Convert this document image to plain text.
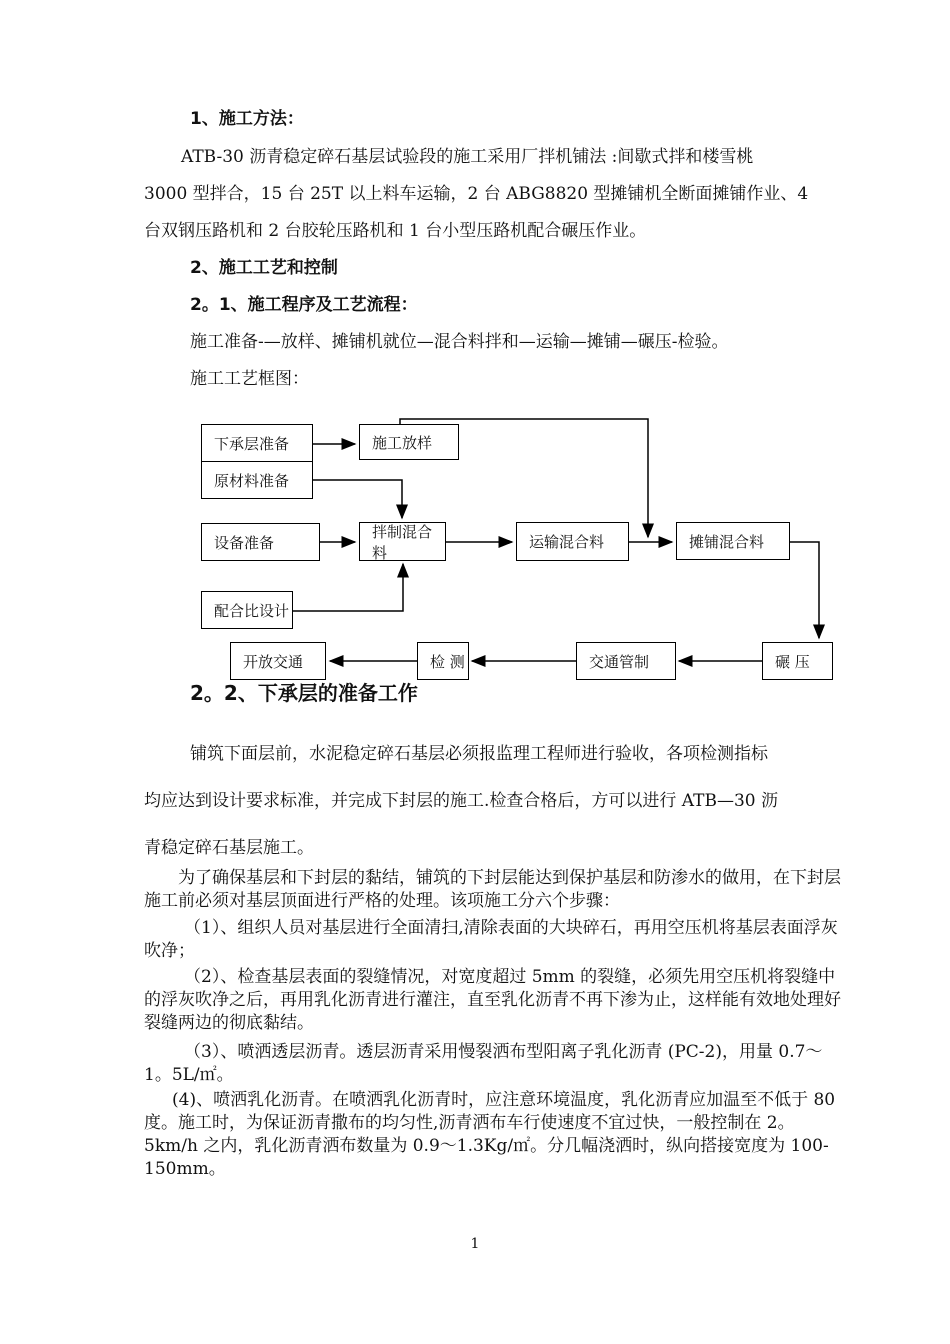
1、施工方法：
ATB-30 沥青稳定碎石基层试验段的施工采用厂拌机铺法 :间歇式拌和楼雪桃
3000 型拌合，15 台 25T 以上料车运输，2 台 ABG8820 型摊铺机全断面摊铺作业、4
台双钢压路机和 2 台胶轮压路机和 1 台小型压路机配合碾压作业。
2、施工工艺和控制
2。1、施工程序及工艺流程：
施工准备-—放样、摊铺机就位—混合料拌和—运输—摊铺—碾压-检验。
施工工艺框图：
下承层准备	施工放样
原材料准备
设备准备
拌制混合料
运输混合料	摊铺混合料
配合比设计
开放交通	检 测	交通管制	碾 压
2。2、下承层的准备工作
铺筑下面层前，水泥稳定碎石基层必须报监理工程师进行验收，各项检测指标
均应达到设计要求标准，并完成下封层的施工.检查合格后，方可以进行 ATB—30 沥
青稳定碎石基层施工。
为了确保基层和下封层的黏结，铺筑的下封层能达到保护基层和防渗水的做用，在下封层施工前必须对基层顶面进行严格的处理。该项施工分六个步骤：
（1）、组织人员对基层进行全面清扫,清除表面的大块碎石，再用空压机将基层表面浮灰吹净；
（2）、检查基层表面的裂缝情况，对宽度超过 5mm 的裂缝，必须先用空压机将裂缝中的浮灰吹净之后，再用乳化沥青进行灌注，直至乳化沥青不再下渗为止，这样能有效地处理好裂缝两边的彻底黏结。
（3）、喷洒透层沥青。透层沥青采用慢裂洒布型阳离子乳化沥青 (PC-2)，用量 0.7～1。5L/㎡。
(4)、喷洒乳化沥青。在喷洒乳化沥青时，应注意环境温度，乳化沥青应加温至不低于 80 度。施工时，为保证沥青撒布的均匀性,沥青洒布车行使速度不宜过快，一般控制在 2。5km/h 之内，乳化沥青洒布数量为 0.9～1.3Kg/㎡。分几幅浇洒时，纵向搭接宽度为 100-150mm。
1
